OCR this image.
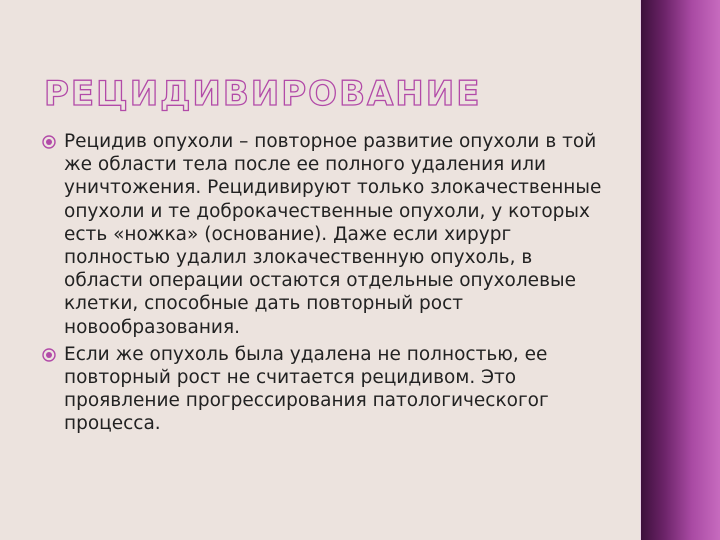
РЕЦИДИВИРОВАНИЕ
Рецидив опухоли – повторное развитие опухоли в той же области тела после ее полного удаления или уничтожения. Рецидивируют только злокачественные опухоли и те доброкачественные опухоли, у которых есть «ножка» (основание). Даже если хирург полностью удалил злокачественную опухоль, в области операции остаются отдельные опухолевые клетки, способные дать повторный рост новообразования.
Если же опухоль была удалена не полностью, ее повторный рост не считается рецидивом. Это проявление прогрессирования патологическогог процесса.
